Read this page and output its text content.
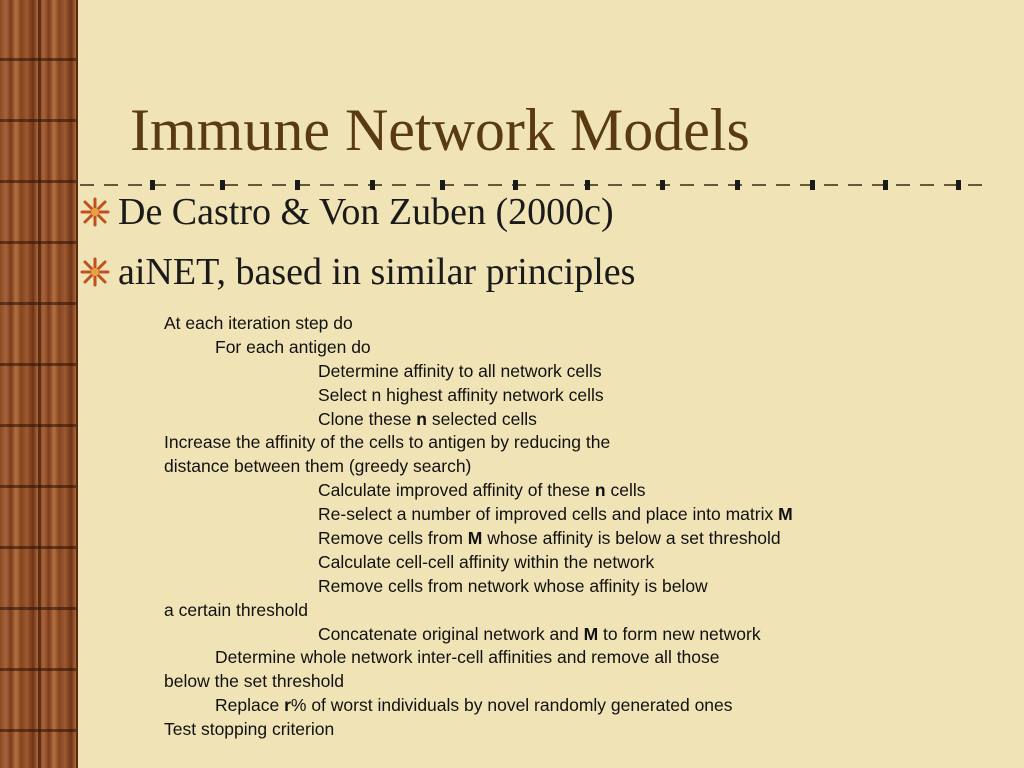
Immune Network Models
De Castro & Von Zuben (2000c)
aiNET, based in similar principles
At each iteration step do
For each antigen do
Determine affinity to all network cells
Select n highest affinity network cells
Clone these n selected cells
Increase the affinity of the cells to antigen by reducing the
distance between them (greedy search)
Calculate improved affinity of these n cells
Re-select a number of improved cells and place into matrix M
Remove cells from M whose affinity is below a set threshold
Calculate cell-cell affinity within the network
Remove cells from network whose affinity is below
a certain threshold
Concatenate original network and M to form new network
Determine whole network inter-cell affinities and remove all those
below the set threshold
Replace r% of worst individuals by novel randomly generated ones
Test stopping criterion
